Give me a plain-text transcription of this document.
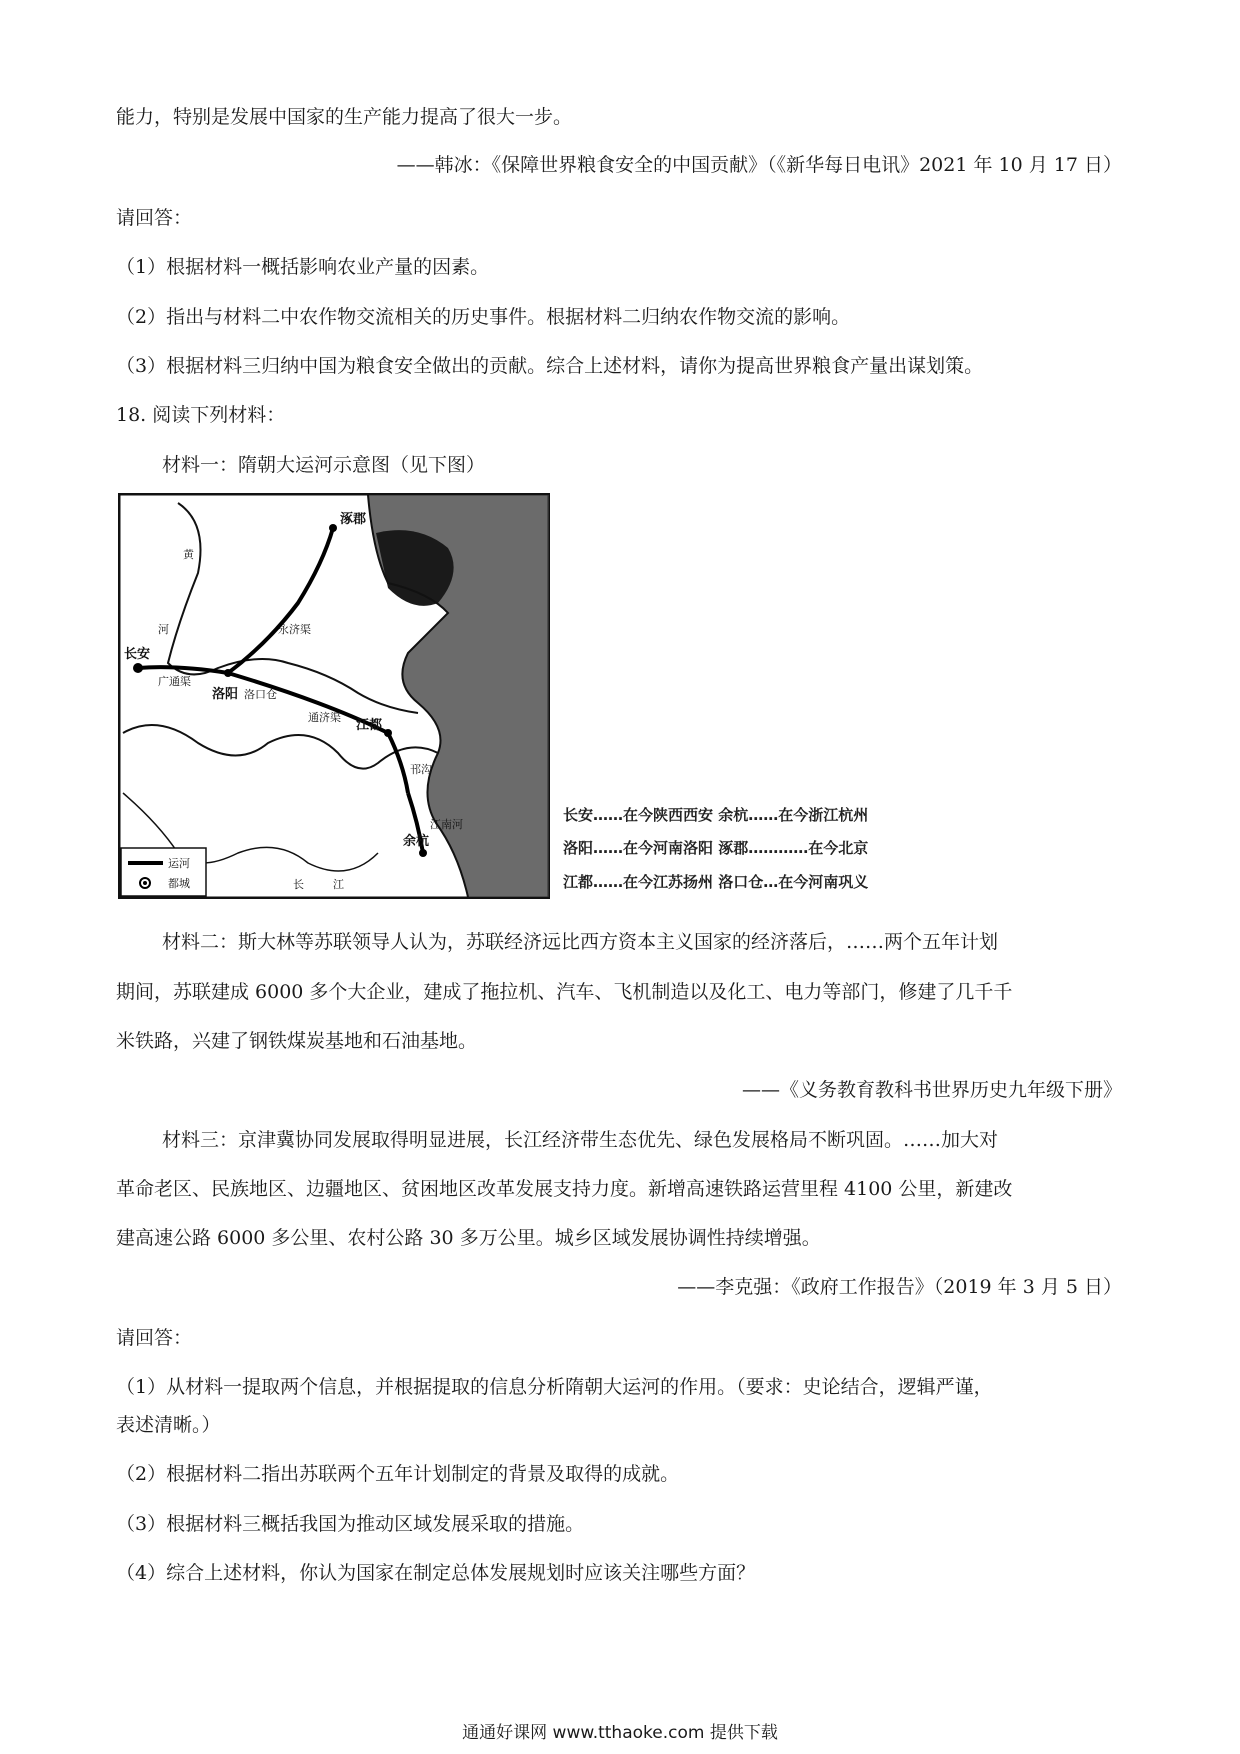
能力，特别是发展中国家的生产能力提高了很大一步。
——韩冰：《保障世界粮食安全的中国贡献》（《新华每日电讯》2021 年 10 月 17 日）
请回答：
（1）根据材料一概括影响农业产量的因素。
（2）指出与材料二中农作物交流相关的历史事件。根据材料二归纳农作物交流的影响。
（3）根据材料三归纳中国为粮食安全做出的贡献。综合上述材料，请你为提高世界粮食产量出谋划策。
18. 阅读下列材料：
材料一：隋朝大运河示意图（见下图）
长安
洛阳 洛口仓
涿郡
江都
余杭
黄
河
长	江
永济渠
通济渠
邗沟
江南河
广通渠
运河
都城
长安……在今陕西西安 余杭……在今浙江杭州
洛阳……在今河南洛阳 涿郡…………在今北京
江都……在今江苏扬州 洛口仓…在今河南巩义
材料二：斯大林等苏联领导人认为，苏联经济远比西方资本主义国家的经济落后，……两个五年计划
期间，苏联建成 6000 多个大企业，建成了拖拉机、汽车、飞机制造以及化工、电力等部门，修建了几千千
米铁路，兴建了钢铁煤炭基地和石油基地。
——《义务教育教科书世界历史九年级下册》
材料三：京津冀协同发展取得明显进展，长江经济带生态优先、绿色发展格局不断巩固。……加大对
革命老区、民族地区、边疆地区、贫困地区改革发展支持力度。新增高速铁路运营里程 4100 公里，新建改
建高速公路 6000 多公里、农村公路 30 多万公里。城乡区域发展协调性持续增强。
——李克强：《政府工作报告》（2019 年 3 月 5 日）
请回答：
（1）从材料一提取两个信息，并根据提取的信息分析隋朝大运河的作用。（要求：史论结合，逻辑严谨，
表述清晰。）
（2）根据材料二指出苏联两个五年计划制定的背景及取得的成就。
（3）根据材料三概括我国为推动区域发展采取的措施。
（4）综合上述材料，你认为国家在制定总体发展规划时应该关注哪些方面？
通通好课网 www.tthaoke.com 提供下载
